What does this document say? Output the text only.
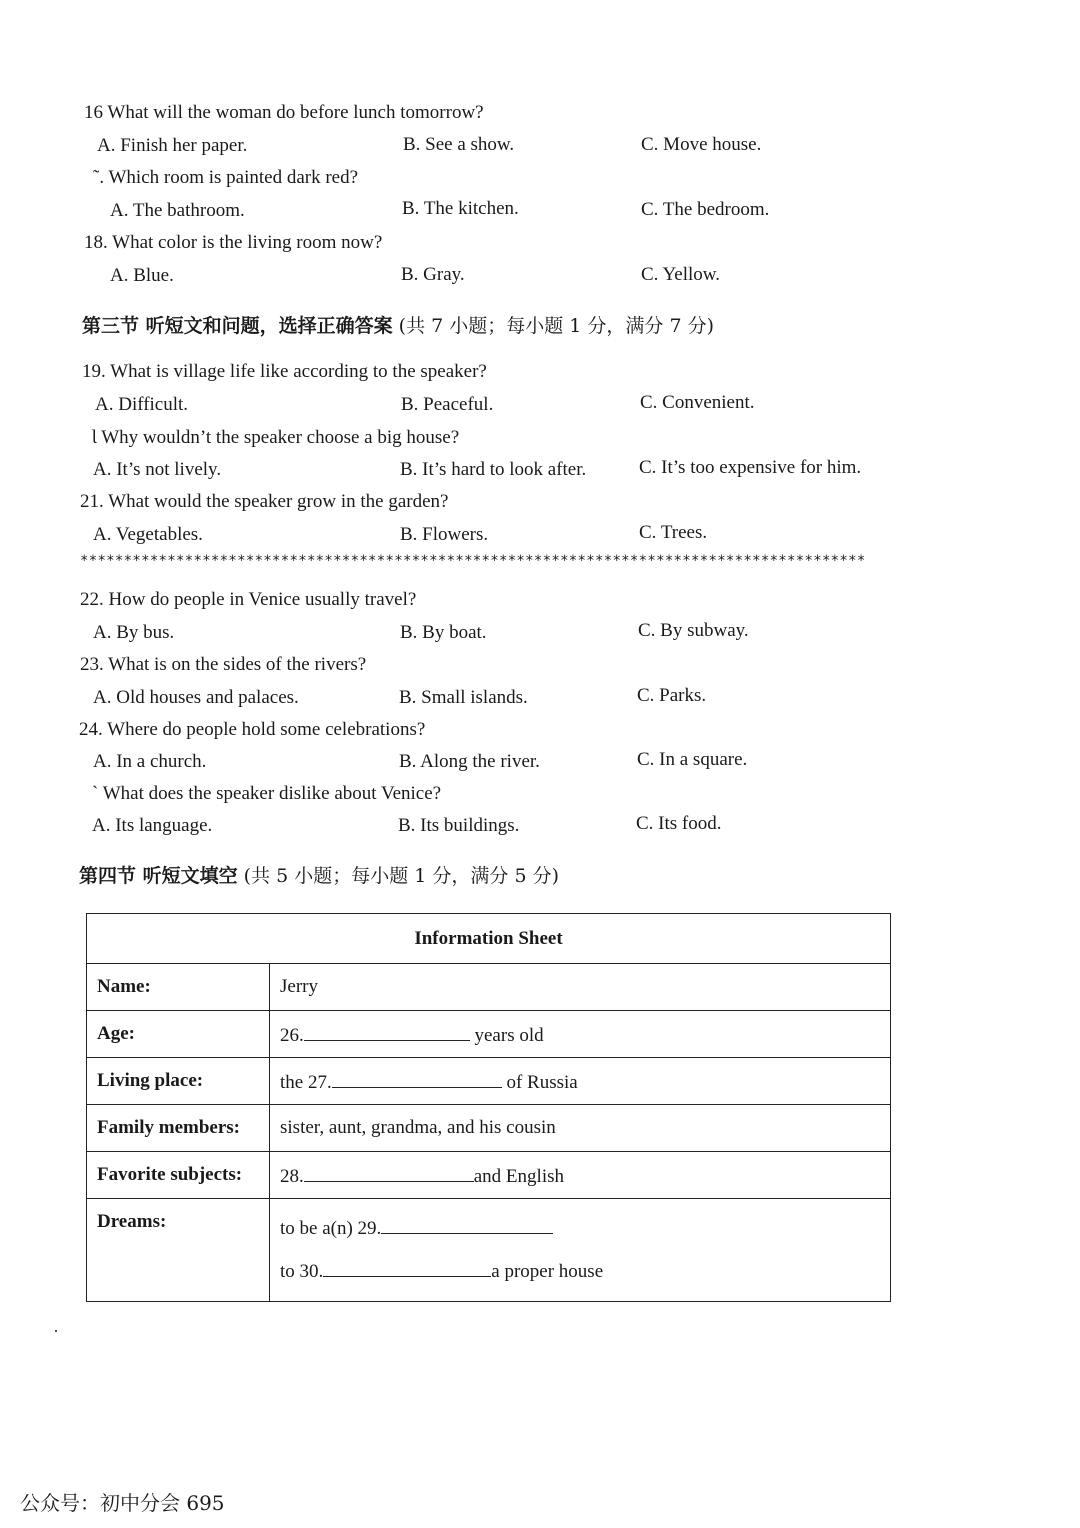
16 What will the woman do before lunch tomorrow?
A. Finish her paper.	B. See a show.	C. Move house.
˜. Which room is painted dark red?
A. The bathroom.	B. The kitchen.	C. The bedroom.
18. What color is the living room now?
A. Blue.	B. Gray.	C. Yellow.
第三节 听短文和问题，选择正确答案 (共 7 小题；每小题 1 分，满分 7 分)
19. What is village life like according to the speaker?
A. Difficult.	B. Peaceful.	C. Convenient.
Ɩ Why wouldn’t the speaker choose a big house?
A. It’s not lively.	B. It’s hard to look after.	C. It’s too expensive for him.
21. What would the speaker grow in the garden?
A. Vegetables.	B. Flowers.	C. Trees.
******************************************************************************************
22. How do people in Venice usually travel?
A. By bus.	B. By boat.	C. By subway.
23. What is on the sides of the rivers?
A. Old houses and palaces.	B. Small islands.	C. Parks.
24. Where do people hold some celebrations?
A. In a church.	B. Along the river.	C. In a square.
` What does the speaker dislike about Venice?
A. Its language.	B. Its buildings.	C. Its food.
第四节 听短文填空 (共 5 小题；每小题 1 分，满分 5 分)
Information Sheet	
Name:	Jerry
Age:	26. years old
Living place:	the 27. of Russia
Family members:	sister, aunt, grandma, and his cousin
Favorite subjects:	28. and English
Dreams:	to be a(n) 29.
to 30. a proper house
公众号：初中分会 695
